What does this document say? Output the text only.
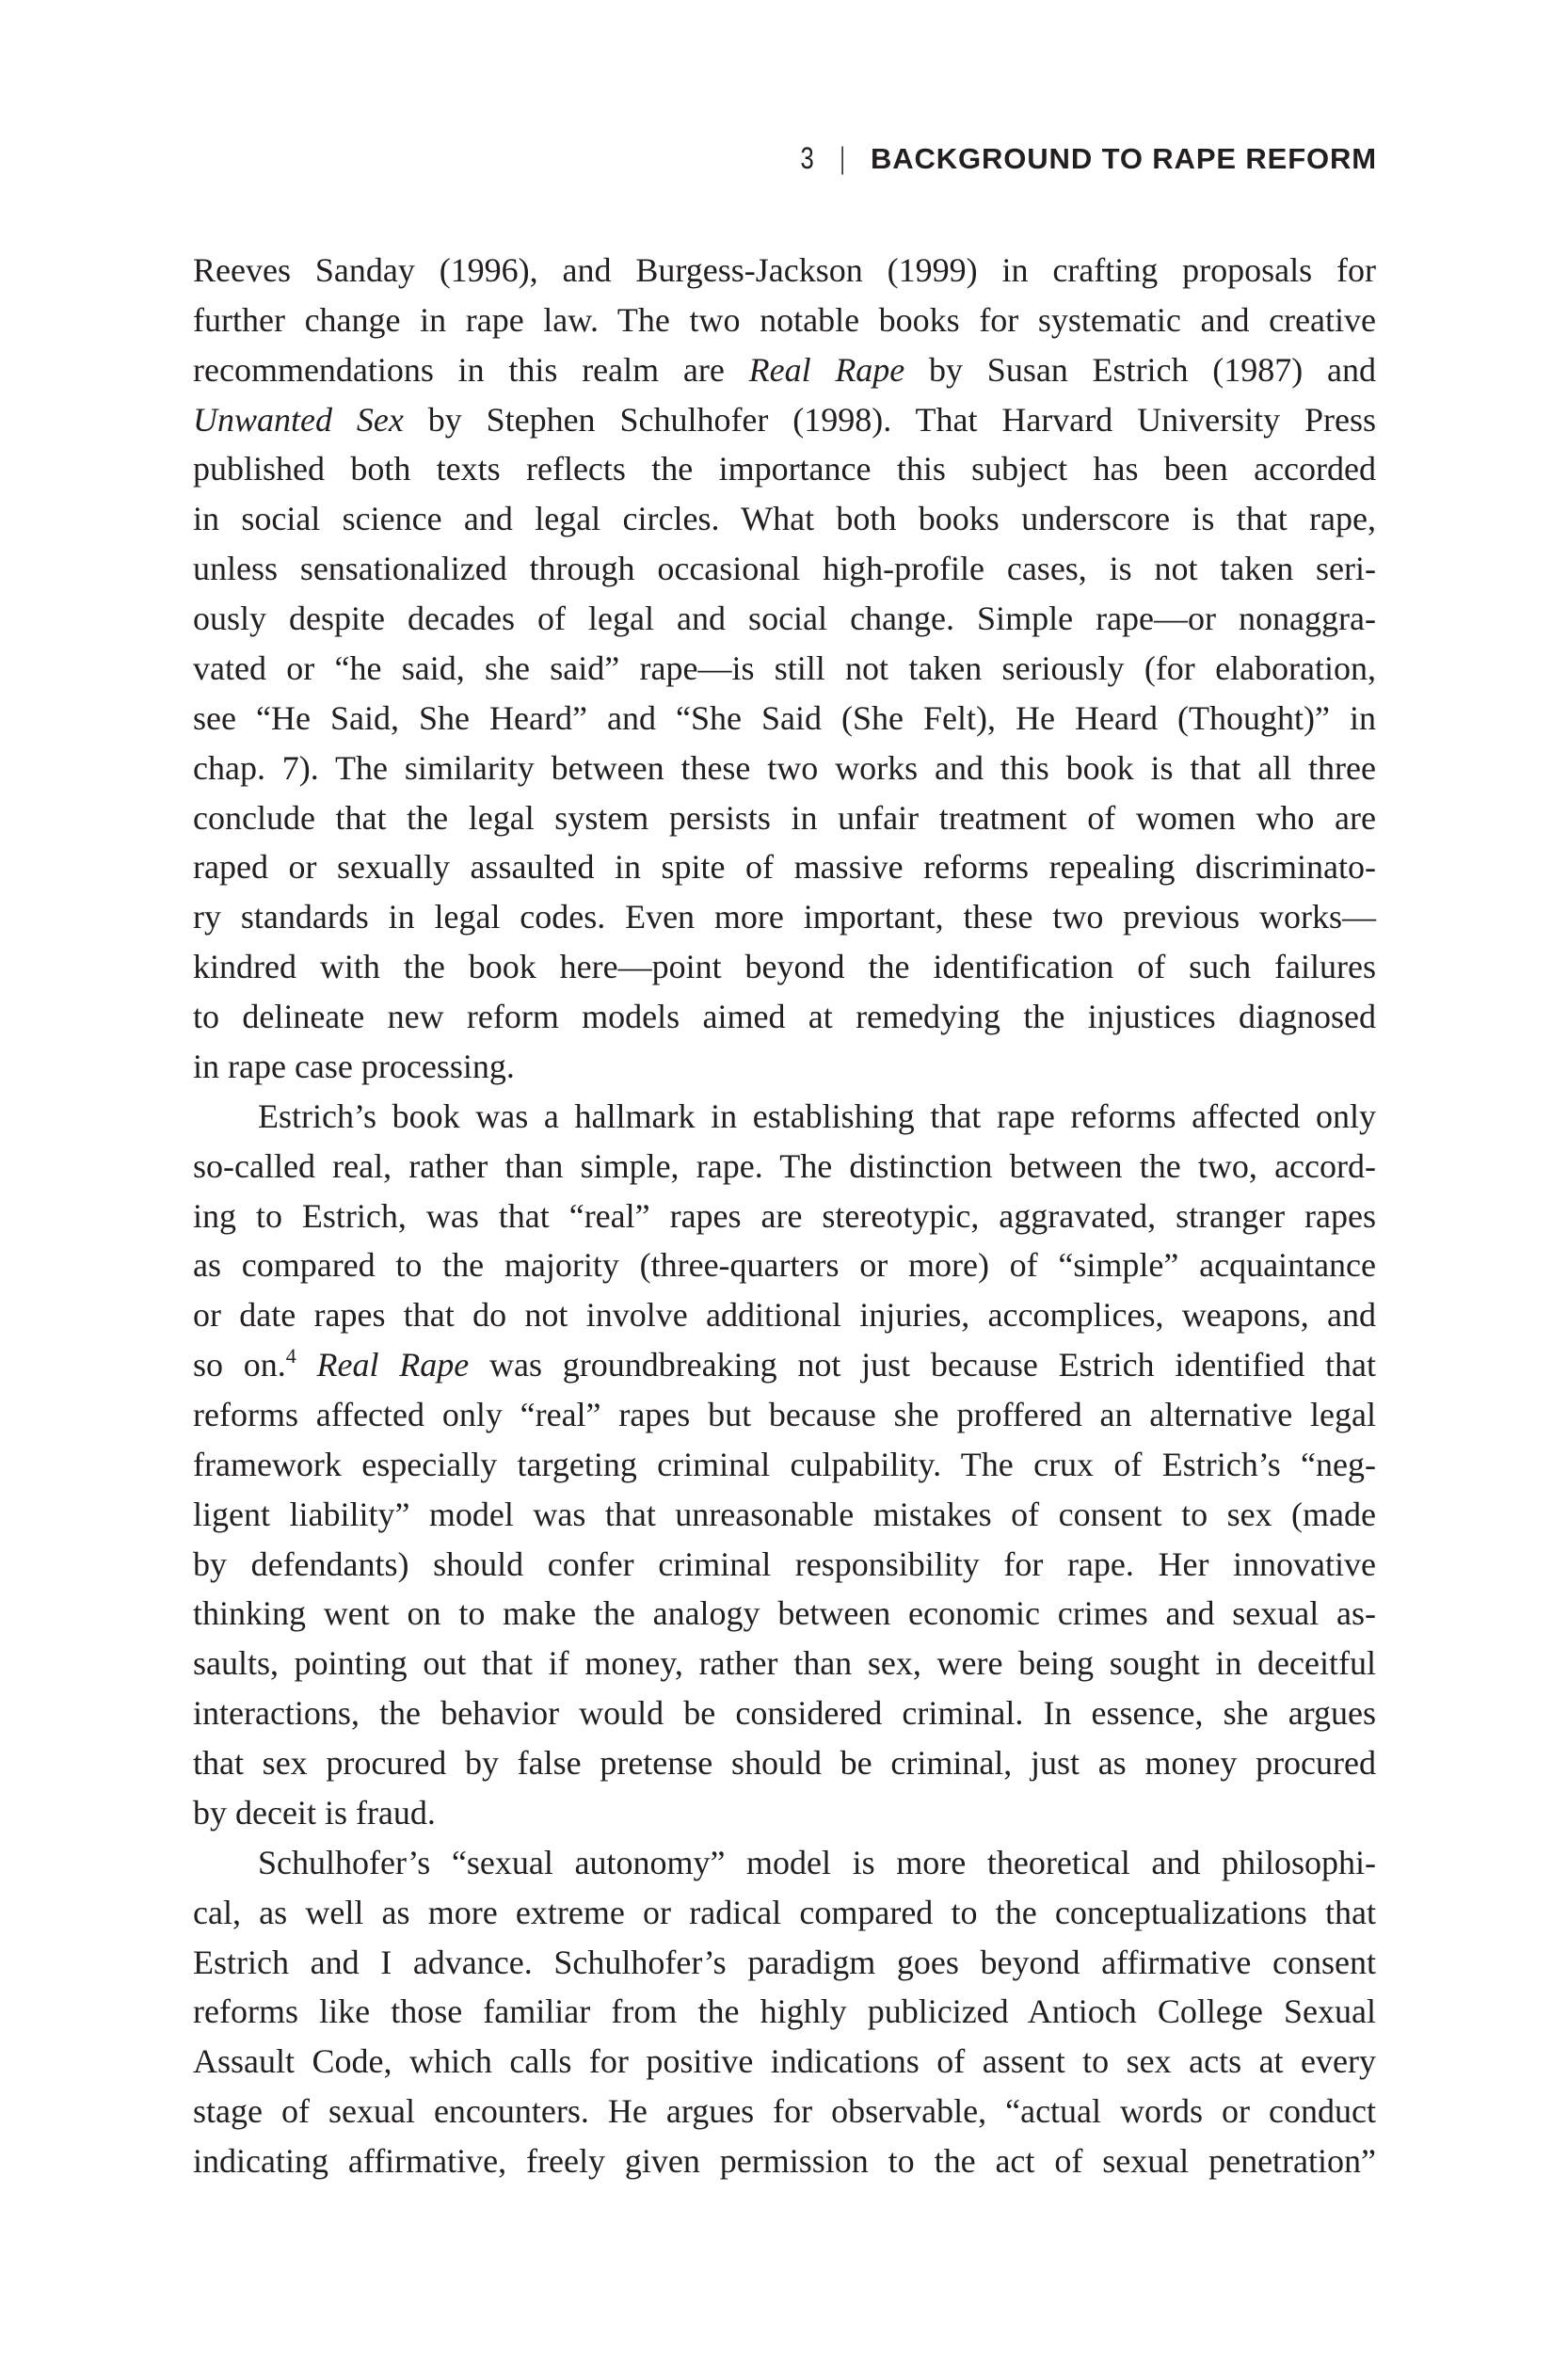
3 | BACKGROUND TO RAPE REFORM
Reeves Sanday (1996), and Burgess-Jackson (1999) in crafting proposals for
further change in rape law. The two notable books for systematic and creative
recommendations in this realm are Real Rape by Susan Estrich (1987) and
Unwanted Sex by Stephen Schulhofer (1998). That Harvard University Press
published both texts reflects the importance this subject has been accorded
in social science and legal circles. What both books underscore is that rape,
unless sensationalized through occasional high-profile cases, is not taken seri-
ously despite decades of legal and social change. Simple rape—or nonaggra-
vated or “he said, she said” rape—is still not taken seriously (for elaboration,
see “He Said, She Heard” and “She Said (She Felt), He Heard (Thought)” in
chap. 7). The similarity between these two works and this book is that all three
conclude that the legal system persists in unfair treatment of women who are
raped or sexually assaulted in spite of massive reforms repealing discriminato-
ry standards in legal codes. Even more important, these two previous works—
kindred with the book here—point beyond the identification of such failures
to delineate new reform models aimed at remedying the injustices diagnosed
in rape case processing.
Estrich’s book was a hallmark in establishing that rape reforms affected only
so-called real, rather than simple, rape. The distinction between the two, accord-
ing to Estrich, was that “real” rapes are stereotypic, aggravated, stranger rapes
as compared to the majority (three-quarters or more) of “simple” acquaintance
or date rapes that do not involve additional injuries, accomplices, weapons, and
so on.$^4$ Real Rape was groundbreaking not just because Estrich identified that
reforms affected only “real” rapes but because she proffered an alternative legal
framework especially targeting criminal culpability. The crux of Estrich’s “neg-
ligent liability” model was that unreasonable mistakes of consent to sex (made
by defendants) should confer criminal responsibility for rape. Her innovative
thinking went on to make the analogy between economic crimes and sexual as-
saults, pointing out that if money, rather than sex, were being sought in deceitful
interactions, the behavior would be considered criminal. In essence, she argues
that sex procured by false pretense should be criminal, just as money procured
by deceit is fraud.
Schulhofer’s “sexual autonomy” model is more theoretical and philosophi-
cal, as well as more extreme or radical compared to the conceptualizations that
Estrich and I advance. Schulhofer’s paradigm goes beyond affirmative consent
reforms like those familiar from the highly publicized Antioch College Sexual
Assault Code, which calls for positive indications of assent to sex acts at every
stage of sexual encounters. He argues for observable, “actual words or conduct
indicating affirmative, freely given permission to the act of sexual penetration”
